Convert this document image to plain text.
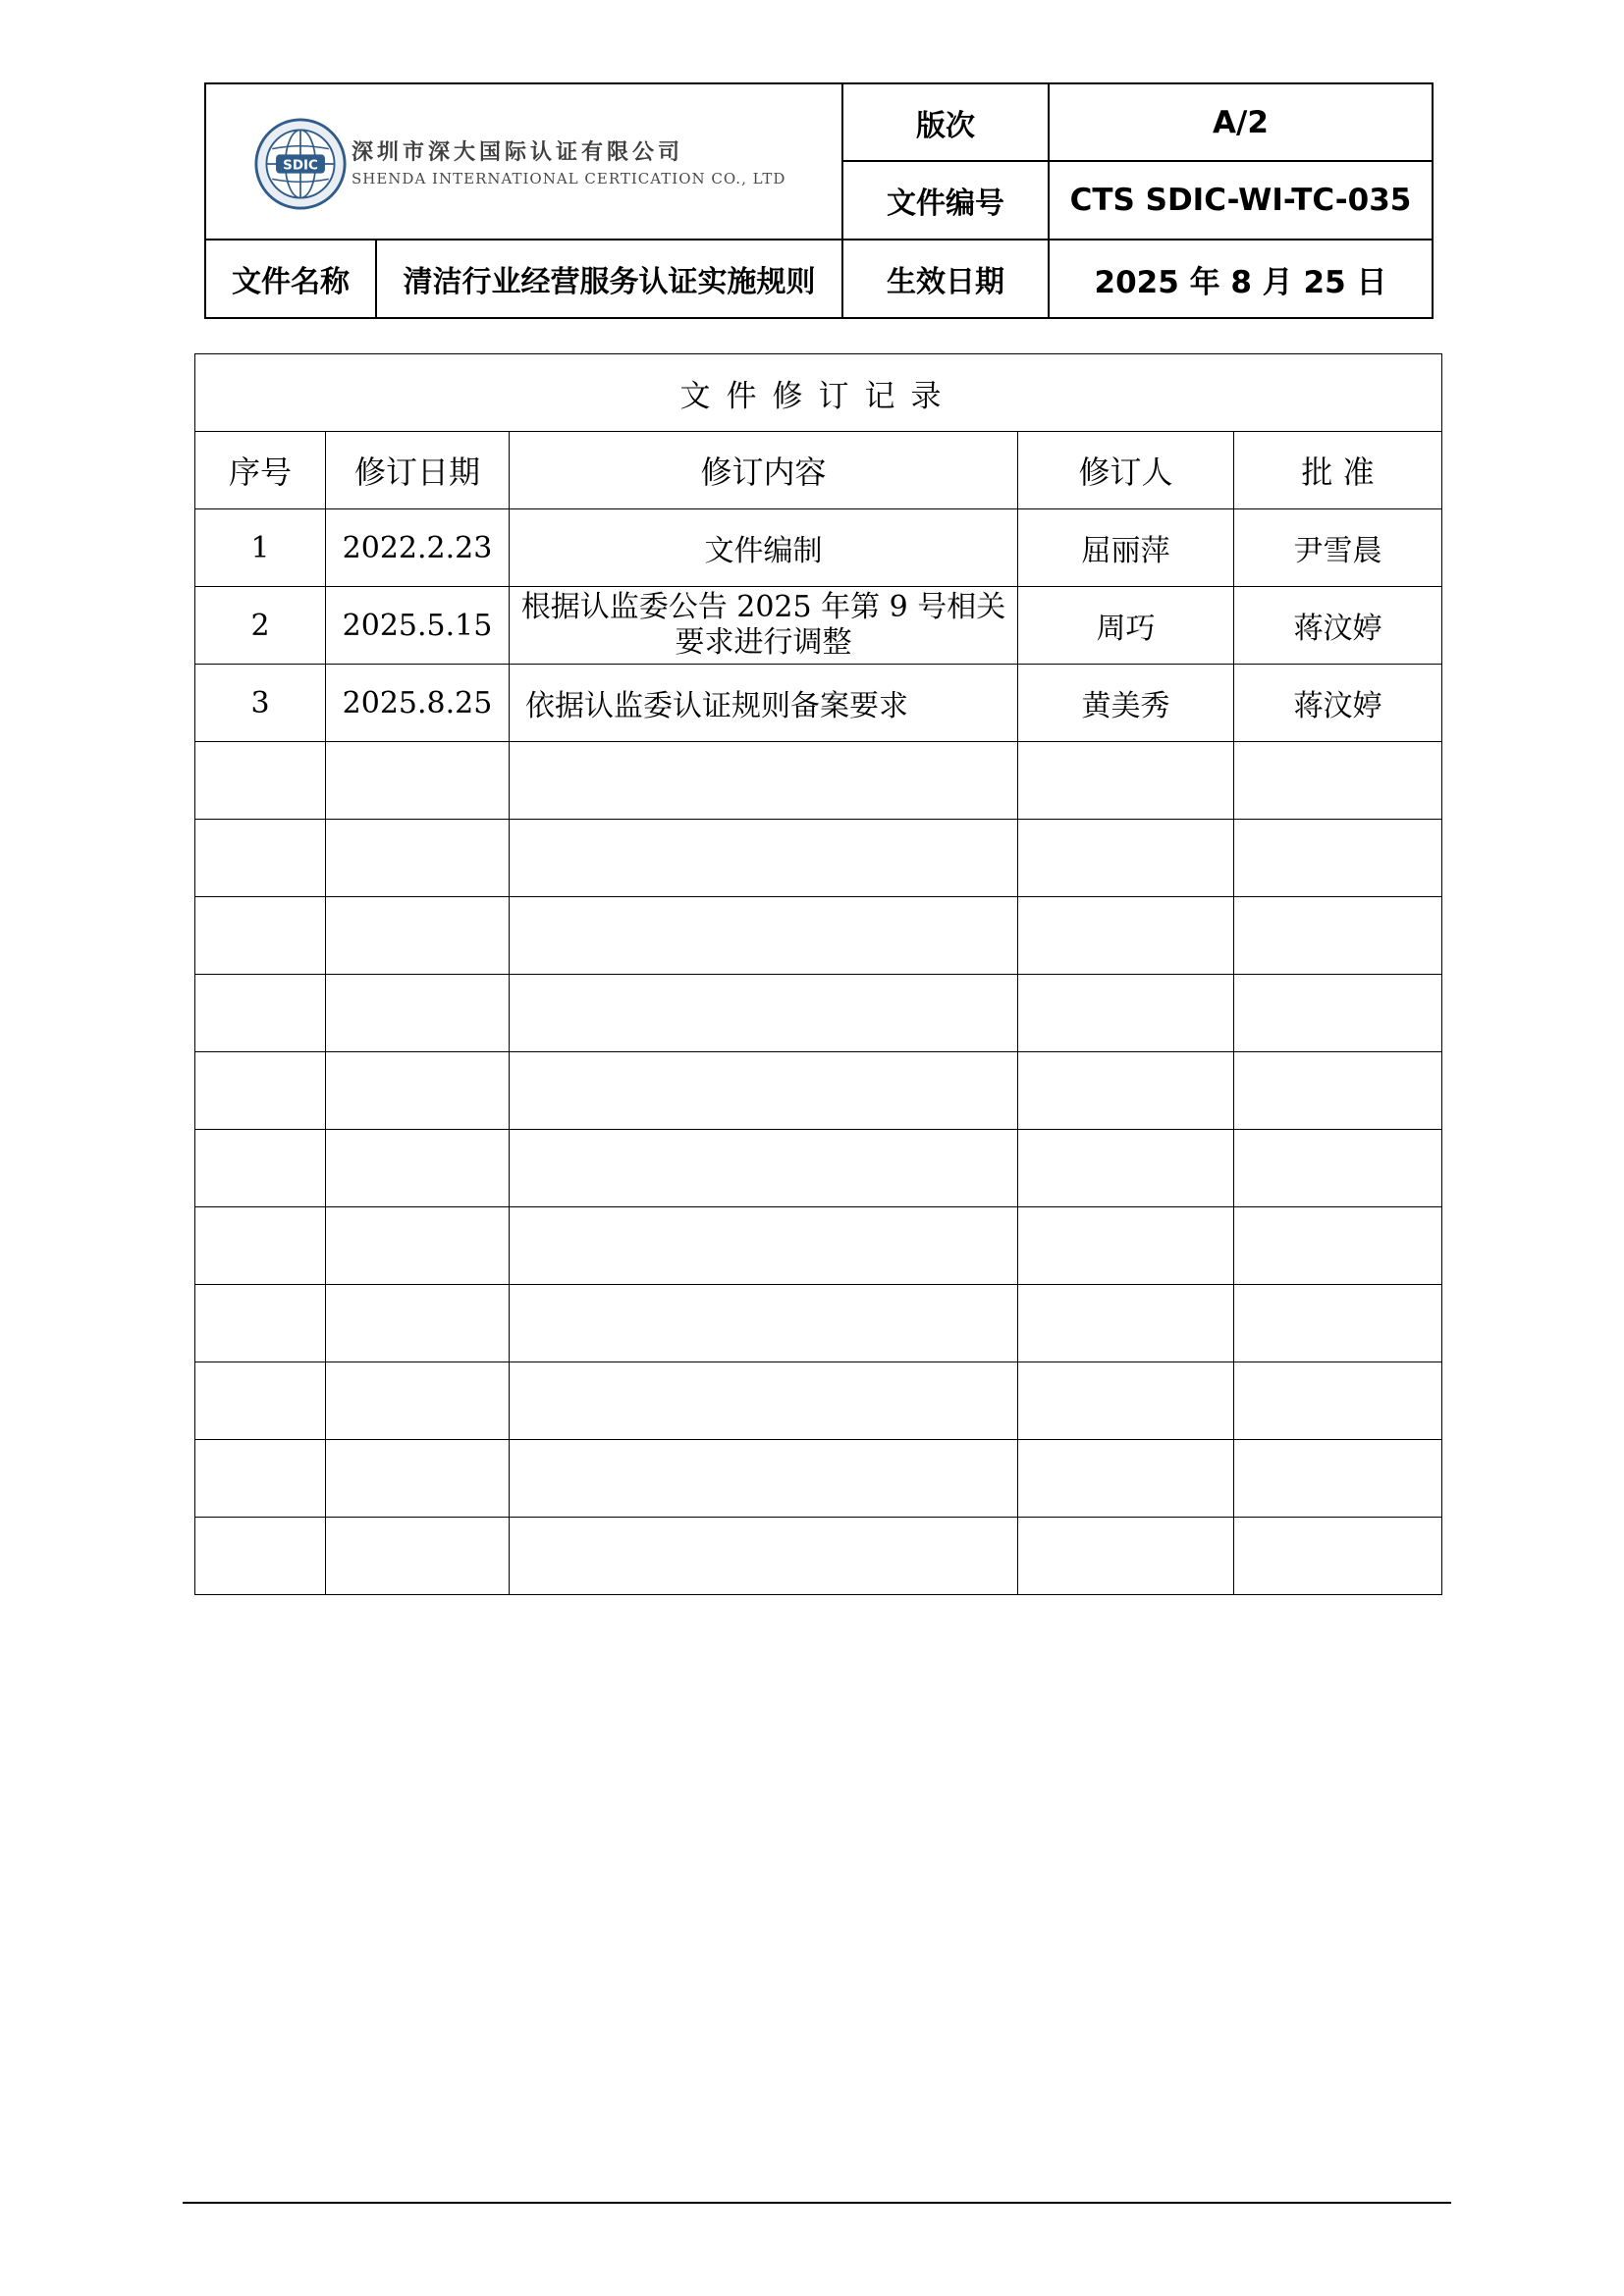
SDIC
深圳市深大国际认证有限公司
SHENDA INTERNATIONAL CERTICATION CO., LTD		版次	A/2
		文件编号	CTS SDIC-WI-TC-035
文件名称	清洁行业经营服务认证实施规则	生效日期	2025 年 8 月 25 日
文件修订记录				
序号	修订日期	修订内容	修订人	批 准
1	2022.2.23	文件编制	屈丽萍	尹雪晨
2	2025.5.15	根据认监委公告 2025 年第 9 号相关要求进行调整	周巧	蒋汶婷
3	2025.8.25	依据认监委认证规则备案要求	黄美秀	蒋汶婷
